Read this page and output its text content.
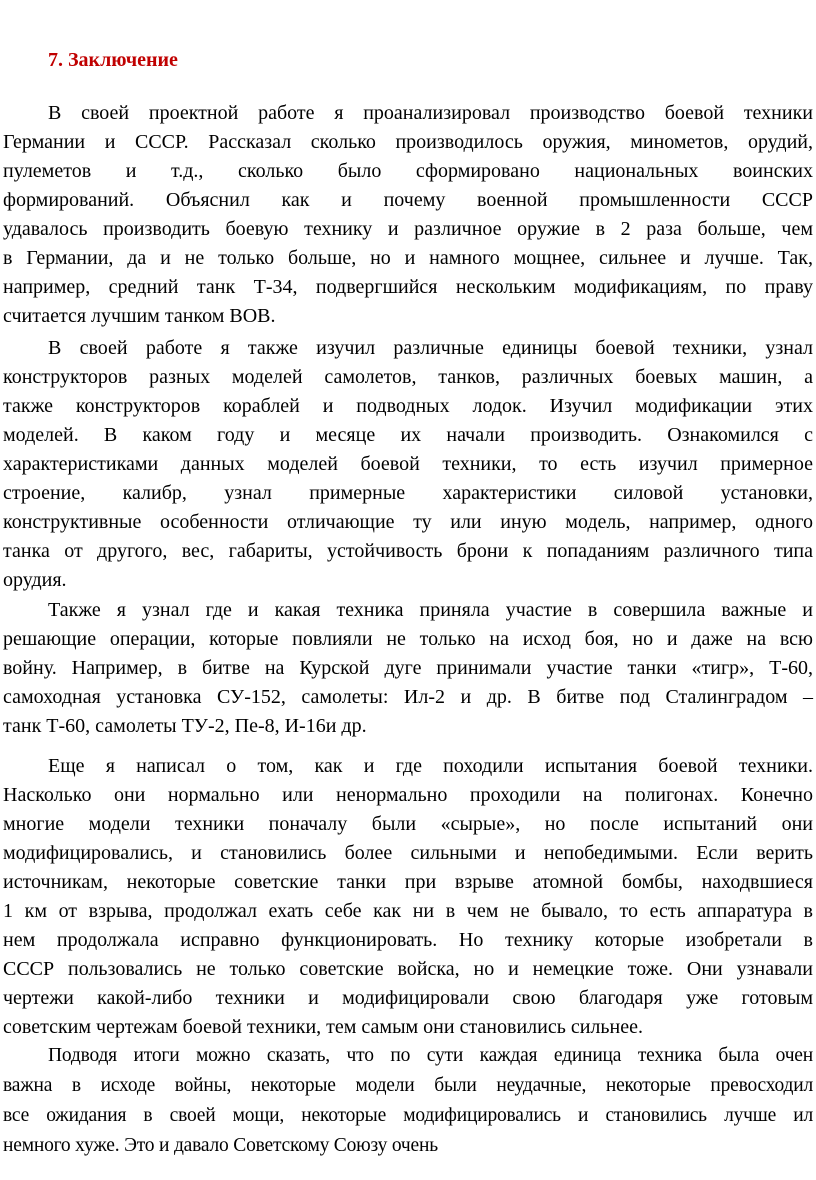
7. Заключение
В своей проектной работе я проанализировал производство боевой техники
Германии и СССР. Рассказал сколько производилось оружия, минометов, орудий,
пулеметов и т.д., сколько было сформировано национальных воинских
формирований. Объяснил как и почему военной промышленности СССР
удавалось производить боевую технику и различное оружие в 2 раза больше, чем
в Германии, да и не только больше, но и намного мощнее, сильнее и лучше. Так,
например, средний танк Т-34, подвергшийся нескольким модификациям, по праву
считается лучшим танком ВОВ.
В своей работе я также изучил различные единицы боевой техники, узнал
конструкторов разных моделей самолетов, танков, различных боевых машин, а
также конструкторов кораблей и подводных лодок. Изучил модификации этих
моделей. В каком году и месяце их начали производить. Ознакомился с
характеристиками данных моделей боевой техники, то есть изучил примерное
строение, калибр, узнал примерные характеристики силовой установки,
конструктивные особенности отличающие ту или иную модель, например, одного
танка от другого, вес, габариты, устойчивость брони к попаданиям различного типа
орудия.
Также я узнал где и какая техника приняла участие в совершила важные и
решающие операции, которые повлияли не только на исход боя, но и даже на всю
войну. Например, в битве на Курской дуге принимали участие танки «тигр», Т-60,
самоходная установка СУ-152, самолеты: Ил-2 и др. В битве под Сталинградом –
танк Т-60, самолеты ТУ-2, Пе-8, И-16и др.
Еще я написал о том, как и где походили испытания боевой техники.
Насколько они нормально или ненормально проходили на полигонах. Конечно
многие модели техники поначалу были «сырые», но после испытаний они
модифицировались, и становились более сильными и непобедимыми. Если верить
источникам, некоторые советские танки при взрыве атомной бомбы, находвшиеся
1 км от взрыва, продолжал ехать себе как ни в чем не бывало, то есть аппаратура в
нем продолжала исправно функционировать. Но технику которые изобретали в
СССР пользовались не только советские войска, но и немецкие тоже. Они узнавали
чертежи какой-либо техники и модифицировали свою благодаря уже готовым
советским чертежам боевой техники, тем самым они становились сильнее.
Подводя итоги можно сказать, что по сути каждая единица техника была очен
важна в исходе войны, некоторые модели были неудачные, некоторые превосходил
все ожидания в своей мощи, некоторые модифицировались и становились лучше ил
немного хуже. Это и давало Советскому Союзу очень
